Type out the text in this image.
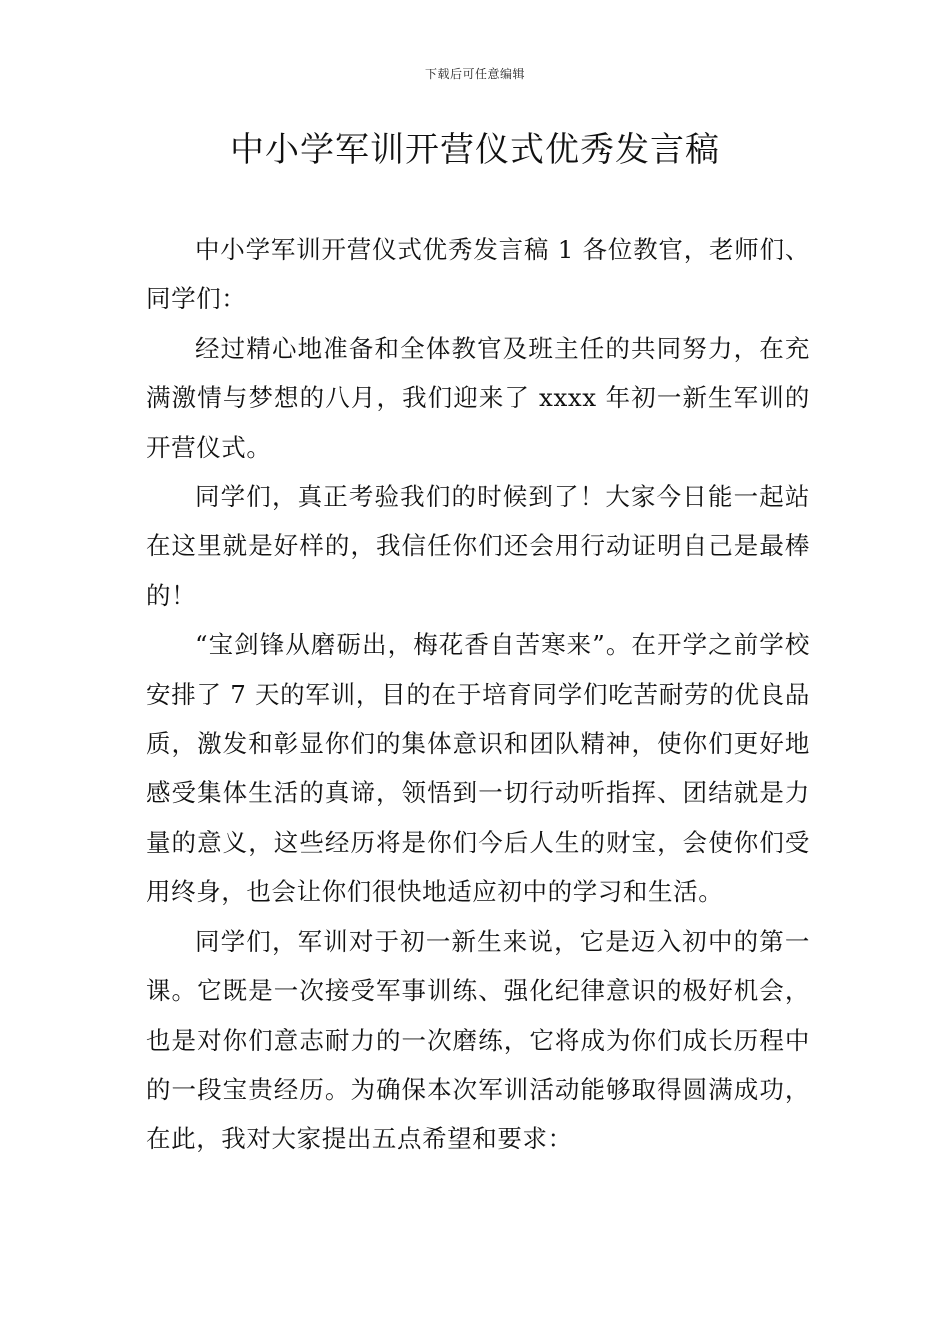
下载后可任意编辑
中小学军训开营仪式优秀发言稿

中小学军训开营仪式优秀发言稿 1 各位教官，老师们、同学们：

经过精心地准备和全体教官及班主任的共同努力，在充满激情与梦想的八月，我们迎来了 xxxx 年初一新生军训的开营仪式。

同学们，真正考验我们的时候到了！大家今日能一起站在这里就是好样的，我信任你们还会用行动证明自己是最棒的！

“宝剑锋从磨砺出，梅花香自苦寒来”。在开学之前学校安排了 7 天的军训，目的在于培育同学们吃苦耐劳的优良品质，激发和彰显你们的集体意识和团队精神，使你们更好地感受集体生活的真谛，领悟到一切行动听指挥、团结就是力量的意义，这些经历将是你们今后人生的财宝，会使你们受用终身，也会让你们很快地适应初中的学习和生活。

同学们，军训对于初一新生来说，它是迈入初中的第一课。它既是一次接受军事训练、强化纪律意识的极好机会，也是对你们意志耐力的一次磨练，它将成为你们成长历程中的一段宝贵经历。为确保本次军训活动能够取得圆满成功，在此，我对大家提出五点希望和要求：
